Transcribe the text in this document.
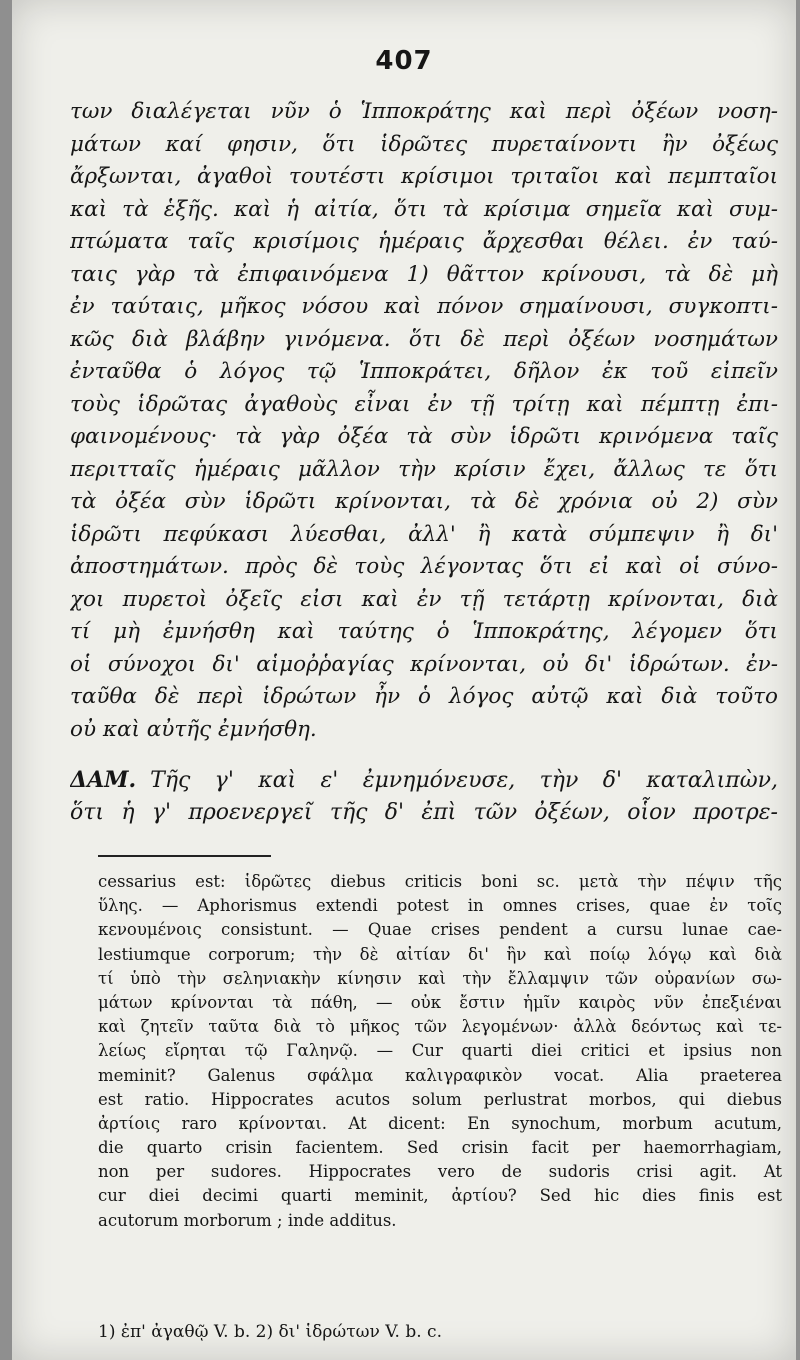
407
των διαλέγεται νῦν ὁ Ἱπποκράτης καὶ περὶ ὀξέων νοση-
μάτων καί φησιν, ὅτι ἱδρῶτες πυρεταίνοντι ἢν ὀξέως
ἄρξωνται, ἀγαθοὶ τουτέστι κρίσιμοι τριταῖοι καὶ πεμπταῖοι
καὶ τὰ ἑξῆς. καὶ ἡ αἰτία, ὅτι τὰ κρίσιμα σημεῖα καὶ συμ-
πτώματα ταῖς κρισίμοις ἡμέραις ἄρχεσθαι θέλει. ἐν ταύ-
ταις γὰρ τὰ ἐπιφαινόμενα 1) θᾶττον κρίνουσι, τὰ δὲ μὴ
ἐν ταύταις, μῆκος νόσου καὶ πόνον σημαίνουσι, συγκοπτι-
κῶς διὰ βλάβην γινόμενα. ὅτι δὲ περὶ ὀξέων νοσημάτων
ἐνταῦθα ὁ λόγος τῷ Ἱπποκράτει, δῆλον ἐκ τοῦ εἰπεῖν
τοὺς ἱδρῶτας ἀγαθοὺς εἶναι ἐν τῇ τρίτῃ καὶ πέμπτῃ ἐπι-
φαινομένους· τὰ γὰρ ὀξέα τὰ σὺν ἱδρῶτι κρινόμενα ταῖς
περιτταῖς ἡμέραις μᾶλλον τὴν κρίσιν ἔχει, ἄλλως τε ὅτι
τὰ ὀξέα σὺν ἱδρῶτι κρίνονται, τὰ δὲ χρόνια οὐ 2) σὺν
ἱδρῶτι πεφύκασι λύεσθαι, ἀλλ' ἢ κατὰ σύμπεψιν ἢ δι'
ἀποστημάτων. πρὸς δὲ τοὺς λέγοντας ὅτι εἰ καὶ οἱ σύνο-
χοι πυρετοὶ ὀξεῖς εἰσι καὶ ἐν τῇ τετάρτῃ κρίνονται, διὰ
τί μὴ ἐμνήσθη καὶ ταύτης ὁ Ἱπποκράτης, λέγομεν ὅτι
οἱ σύνοχοι δι' αἱμοῤῥαγίας κρίνονται, οὐ δι' ἱδρώτων. ἐν-
ταῦθα δὲ περὶ ἱδρώτων ἦν ὁ λόγος αὐτῷ καὶ διὰ τοῦτο
οὐ καὶ αὐτῆς ἐμνήσθη.
ΔΑΜ. Τῆς γ' καὶ ε' ἐμνημόνευσε, τὴν δ' καταλιπὼν,
ὅτι ἡ γ' προενεργεῖ τῆς δ' ἐπὶ τῶν ὀξέων, οἷον προτρε-
cessarius est: ἱδρῶτες diebus criticis boni sc. μετὰ τὴν πέψιν τῆς
ὕλης. — Aphorismus extendi potest in omnes crises, quae ἐν τοῖς
κενουμένοις consistunt. — Quae crises pendent a cursu lunae cae-
lestiumque corporum; τὴν δὲ αἰτίαν δι' ἣν καὶ ποίῳ λόγῳ καὶ διὰ
τί ὑπὸ τὴν σεληνιακὴν κίνησιν καὶ τὴν ἔλλαμψιν τῶν οὐρανίων σω-
μάτων κρίνονται τὰ πάθη, — οὐκ ἔστιν ἡμῖν καιρὸς νῦν ἐπεξιέναι
καὶ ζητεῖν ταῦτα διὰ τὸ μῆκος τῶν λεγομένων· ἀλλὰ δεόντως καὶ τε-
λείως εἴρηται τῷ Γαληνῷ. — Cur quarti diei critici et ipsius non
meminit? Galenus σφάλμα καλιγραφικὸν vocat. Alia praeterea
est ratio. Hippocrates acutos solum perlustrat morbos, qui diebus
ἀρτίοις raro κρίνονται. At dicent: En synochum, morbum acutum,
die quarto crisin facientem. Sed crisin facit per haemorrhagiam,
non per sudores. Hippocrates vero de sudoris crisi agit. At
cur diei decimi quarti meminit, ἀρτίου? Sed hic dies finis est
acutorum morborum ; inde additus.
1) ἐπ' ἀγαθῷ V. b. 2) δι' ἱδρώτων V. b. c.
